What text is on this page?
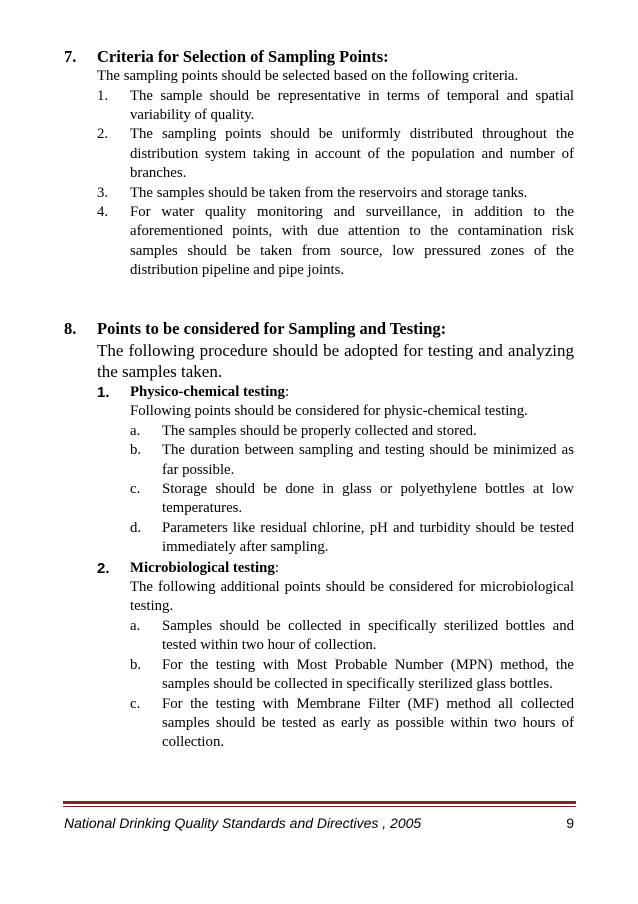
7.	Criteria for Selection of Sampling Points:
The sampling points should be selected based on the following criteria.
1.	The sample should be representative in terms of temporal and spatial variability of quality.
2.	The sampling points should be uniformly distributed throughout the distribution system taking in account of the population and number of branches.
3.	The samples should be taken from the reservoirs and storage tanks.
4.	For water quality monitoring and surveillance, in addition to the aforementioned points, with due attention to the contamination risk samples should be taken from source, low pressured zones of the distribution pipeline and pipe joints.
8.	Points to be considered for Sampling and Testing:
The following procedure should be adopted for testing and analyzing the samples taken.
1.	Physico-chemical testing:
Following points should be considered for physic-chemical testing.
a.	The samples should be properly collected and stored.
b.	The duration between sampling and testing should be minimized as far possible.
c.	Storage should be done in glass or polyethylene bottles at low temperatures.
d.	Parameters like residual chlorine, pH and turbidity should be tested immediately after sampling.
2.	Microbiological testing:
The following additional points should be considered for microbiological testing.
a.	Samples should be collected in specifically sterilized bottles and tested within two hour of collection.
b.	For the testing with Most Probable Number (MPN) method, the samples should be collected in specifically sterilized glass bottles.
c.	For the testing with Membrane Filter (MF) method all collected samples should be tested as early as possible within two hours of collection.
National Drinking Quality Standards and Directives , 2005	9
